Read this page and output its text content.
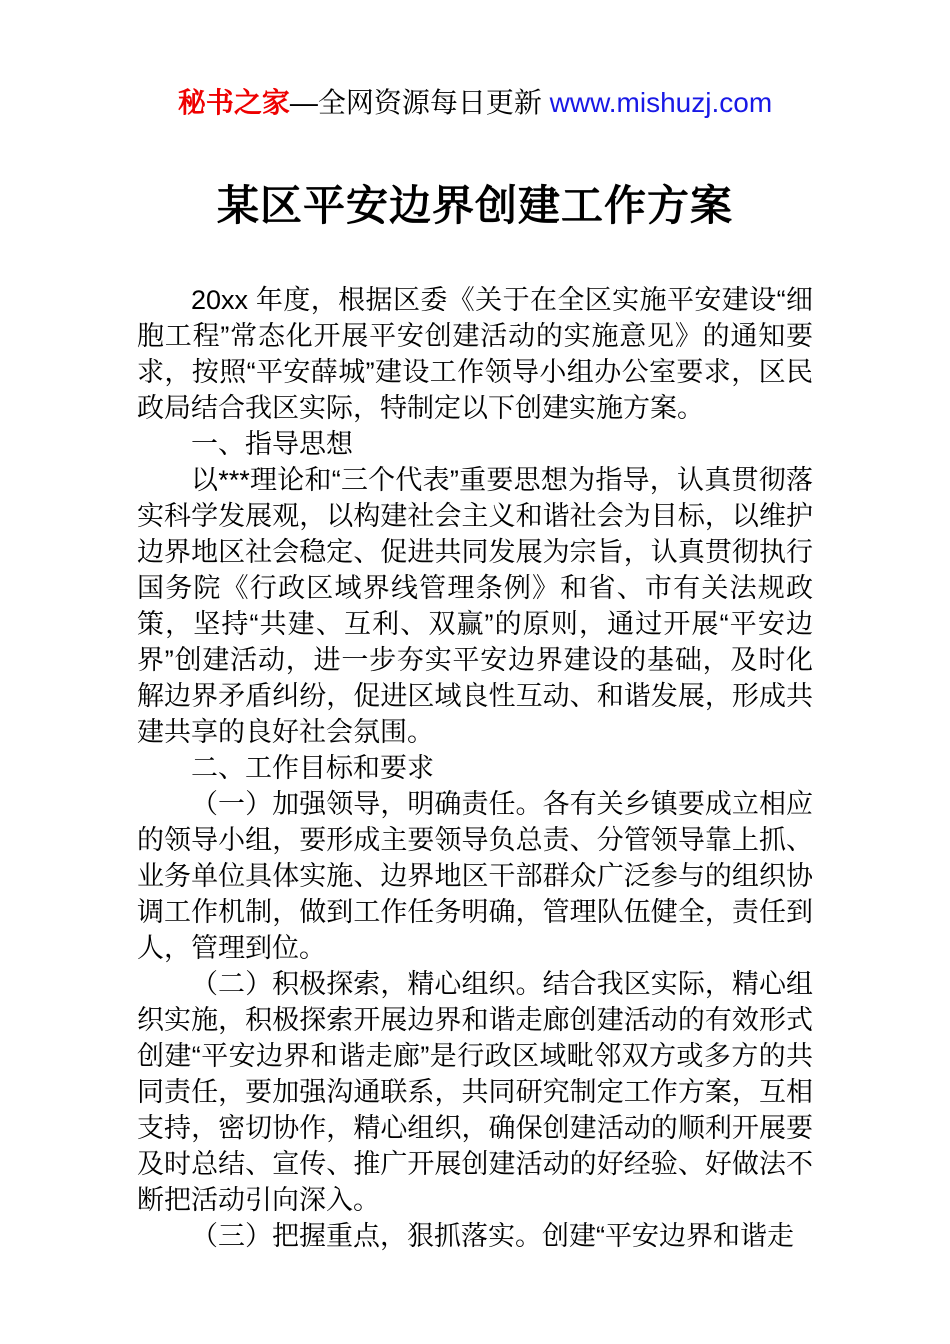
秘书之家—全网资源每日更新 www.mishuzj.com
某区平安边界创建工作方案

20xx 年度，根据区委《关于在全区实施平安建设“细胞工程”常态化开展平安创建活动的实施意见》的通知要求，按照“平安薛城”建设工作领导小组办公室要求，区民政局结合我区实际，特制定以下创建实施方案。

一、指导思想

以***理论和“三个代表”重要思想为指导，认真贯彻落实科学发展观，以构建社会主义和谐社会为目标，以维护边界地区社会稳定、促进共同发展为宗旨，认真贯彻执行国务院《行政区域界线管理条例》和省、市有关法规政策，坚持“共建、互利、双赢”的原则，通过开展“平安边界”创建活动，进一步夯实平安边界建设的基础，及时化解边界矛盾纠纷，促进区域良性互动、和谐发展，形成共建共享的良好社会氛围。

二、工作目标和要求

（一）加强领导，明确责任。各有关乡镇要成立相应的领导小组，要形成主要领导负总责、分管领导靠上抓、业务单位具体实施、边界地区干部群众广泛参与的组织协调工作机制，做到工作任务明确，管理队伍健全，责任到人，管理到位。

（二）积极探索，精心组织。结合我区实际，精心组织实施，积极探索开展边界和谐走廊创建活动的有效形式创建“平安边界和谐走廊”是行政区域毗邻双方或多方的共同责任，要加强沟通联系，共同研究制定工作方案，互相支持，密切协作，精心组织，确保创建活动的顺利开展要及时总结、宣传、推广开展创建活动的好经验、好做法不断把活动引向深入。

（三）把握重点，狠抓落实。创建“平安边界和谐走
